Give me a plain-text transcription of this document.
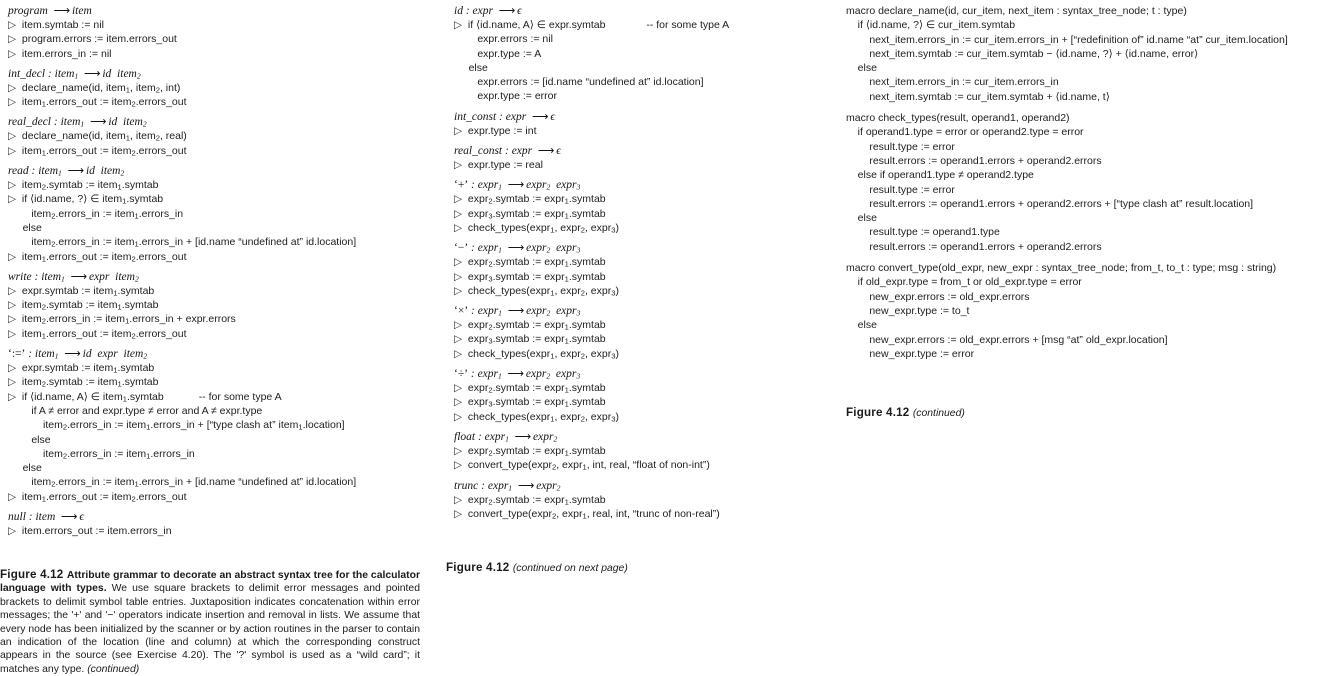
program  ⟶ item
▷  item.symtab := nil
▷  program.errors := item.errors_out
▷  item.errors_in := nil
int_decl : item$_1$ ⟶ id  item$_2$
▷  declare_name(id, item$_1$, item$_2$, int)
▷  item$_1$.errors_out := item$_2$.errors_out
real_decl : item$_1$ ⟶ id  item$_2$
▷  declare_name(id, item$_1$, item$_2$, real)
▷  item$_1$.errors_out := item$_2$.errors_out
read : item$_1$ ⟶ id  item$_2$
▷  item$_2$.symtab := item$_1$.symtab
▷  if ⟨id.name, ?⟩ ∈ item$_1$.symtab
item$_2$.errors_in := item$_1$.errors_in
else
item$_2$.errors_in := item$_1$.errors_in + [id.name “undefined at” id.location]
▷  item$_1$.errors_out := item$_2$.errors_out
write : item$_1$ ⟶ expr  item$_2$
▷  expr.symtab := item$_1$.symtab
▷  item$_2$.symtab := item$_1$.symtab
▷  item$_2$.errors_in := item$_1$.errors_in + expr.errors
▷  item$_1$.errors_out := item$_2$.errors_out
‘:=’ : item$_1$ ⟶ id  expr  item$_2$
▷  expr.symtab := item$_1$.symtab
▷  item$_2$.symtab := item$_1$.symtab
▷  if ⟨id.name, A⟩ ∈ item$_1$.symtab            -- for some type A
if A ≠ error and expr.type ≠ error and A ≠ expr.type
item$_2$.errors_in := item$_1$.errors_in + [“type clash at” item$_1$.location]
else
item$_2$.errors_in := item$_1$.errors_in
else
item$_2$.errors_in := item$_1$.errors_in + [id.name “undefined at” id.location]
▷  item$_1$.errors_out := item$_2$.errors_out
null : item  ⟶ ϵ
▷  item.errors_out := item.errors_in
id : expr  ⟶ ϵ
▷  if ⟨id.name, A⟩ ∈ expr.symtab              -- for some type A
expr.errors := nil
expr.type := A
else
expr.errors := [id.name “undefined at” id.location]
expr.type := error
int_const : expr  ⟶ ϵ
▷  expr.type := int
real_const : expr  ⟶ ϵ
▷  expr.type := real
‘+’ : expr$_1$ ⟶ expr$_2$  expr$_3$
▷  expr$_2$.symtab := expr$_1$.symtab
▷  expr$_3$.symtab := expr$_1$.symtab
▷  check_types(expr$_1$, expr$_2$, expr$_3$)
‘−’ : expr$_1$ ⟶ expr$_2$  expr$_3$
▷  expr$_2$.symtab := expr$_1$.symtab
▷  expr$_3$.symtab := expr$_1$.symtab
▷  check_types(expr$_1$, expr$_2$, expr$_3$)
‘×’ : expr$_1$ ⟶ expr$_2$  expr$_3$
▷  expr$_2$.symtab := expr$_1$.symtab
▷  expr$_3$.symtab := expr$_1$.symtab
▷  check_types(expr$_1$, expr$_2$, expr$_3$)
‘÷’ : expr$_1$ ⟶ expr$_2$  expr$_3$
▷  expr$_2$.symtab := expr$_1$.symtab
▷  expr$_3$.symtab := expr$_1$.symtab
▷  check_types(expr$_1$, expr$_2$, expr$_3$)
float : expr$_1$ ⟶ expr$_2$
▷  expr$_2$.symtab := expr$_1$.symtab
▷  convert_type(expr$_2$, expr$_1$, int, real, “float of non-int”)
trunc : expr$_1$ ⟶ expr$_2$
▷  expr$_2$.symtab := expr$_1$.symtab
▷  convert_type(expr$_2$, expr$_1$, real, int, “trunc of non-real”)
macro declare_name(id, cur_item, next_item : syntax_tree_node; t : type)
if ⟨id.name, ?⟩ ∈ cur_item.symtab
next_item.errors_in := cur_item.errors_in + [“redefinition of” id.name “at” cur_item.location]
next_item.symtab := cur_item.symtab − ⟨id.name, ?⟩ + ⟨id.name, error⟩
else
next_item.errors_in := cur_item.errors_in
next_item.symtab := cur_item.symtab + ⟨id.name, t⟩
macro check_types(result, operand1, operand2)
if operand1.type = error or operand2.type = error
result.type := error
result.errors := operand1.errors + operand2.errors
else if operand1.type ≠ operand2.type
result.type := error
result.errors := operand1.errors + operand2.errors + [“type clash at” result.location]
else
result.type := operand1.type
result.errors := operand1.errors + operand2.errors
macro convert_type(old_expr, new_expr : syntax_tree_node; from_t, to_t : type; msg : string)
if old_expr.type = from_t or old_expr.type = error
new_expr.errors := old_expr.errors
new_expr.type := to_t
else
new_expr.errors := old_expr.errors + [msg “at” old_expr.location]
new_expr.type := error
Figure 4.12 Attribute grammar to decorate an abstract syntax tree for the calculator language with types. We use square brackets to delimit error messages and pointed brackets to delimit symbol table entries. Juxtaposition indicates concatenation within error messages; the '+' and '−' operators indicate insertion and removal in lists. We assume that every node has been initialized by the scanner or by action routines in the parser to contain an indication of the location (line and column) at which the corresponding construct appears in the source (see Exercise 4.20). The '?' symbol is used as a “wild card”; it matches any type. (continued)
Figure 4.12 (continued on next page)
Figure 4.12 (continued)
